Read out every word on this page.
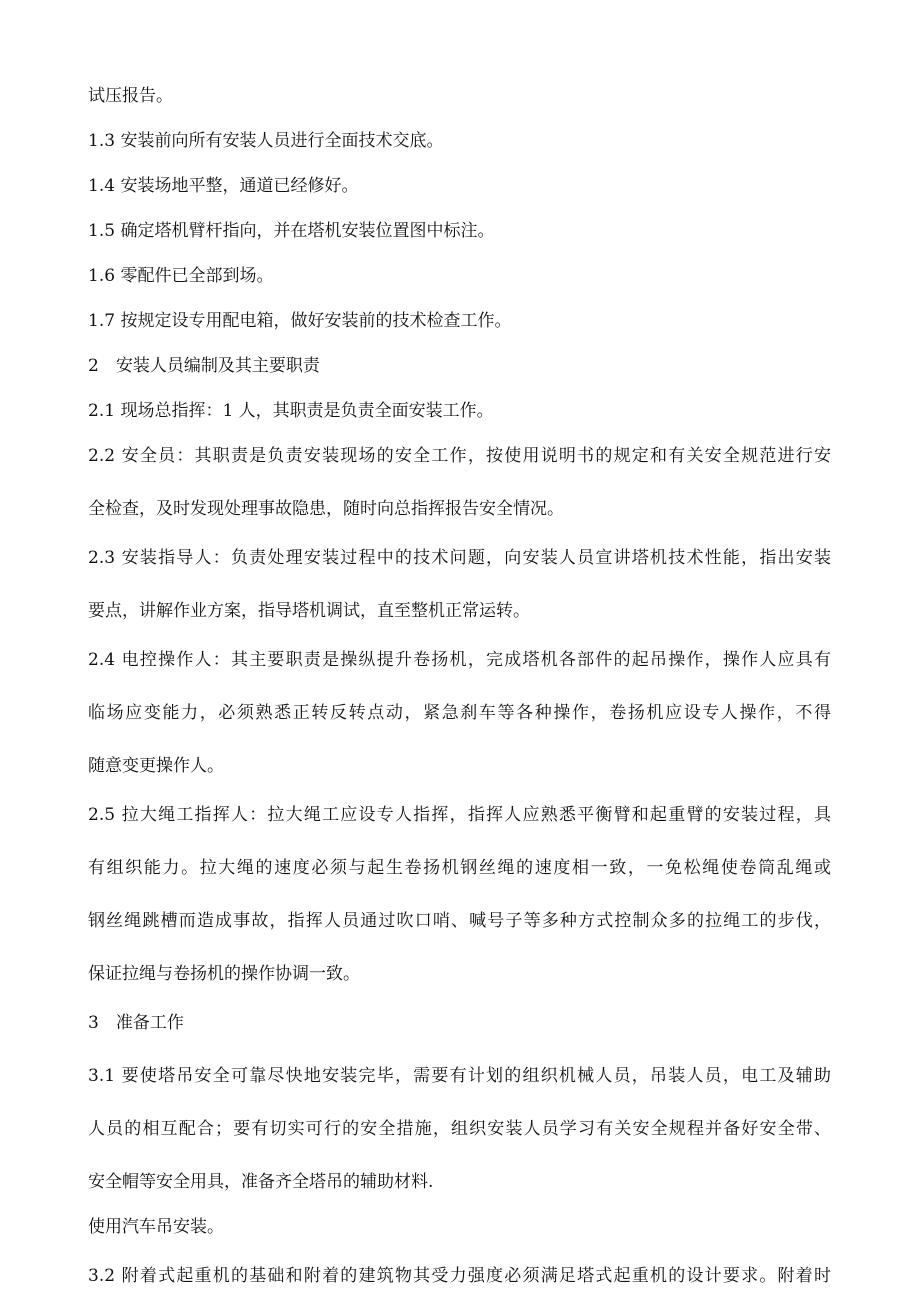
试压报告。
1.3 安装前向所有安装人员进行全面技术交底。
1.4 安装场地平整，通道已经修好。
1.5 确定塔机臂杆指向，并在塔机安装位置图中标注。
1.6 零配件已全部到场。
1.7 按规定设专用配电箱，做好安装前的技术检查工作。
2　安装人员编制及其主要职责
2.1 现场总指挥：1 人，其职责是负责全面安装工作。
2.2 安全员：其职责是负责安装现场的安全工作，按使用说明书的规定和有关安全规范进行安
全检查，及时发现处理事故隐患，随时向总指挥报告安全情况。
2.3 安装指导人：负责处理安装过程中的技术问题，向安装人员宣讲塔机技术性能，指出安装
要点，讲解作业方案，指导塔机调试，直至整机正常运转。
2.4 电控操作人：其主要职责是操纵提升卷扬机，完成塔机各部件的起吊操作，操作人应具有
临场应变能力，必须熟悉正转反转点动，紧急刹车等各种操作，卷扬机应设专人操作，不得
随意变更操作人。
2.5 拉大绳工指挥人：拉大绳工应设专人指挥，指挥人应熟悉平衡臂和起重臂的安装过程，具
有组织能力。拉大绳的速度必须与起生卷扬机钢丝绳的速度相一致，一免松绳使卷筒乱绳或
钢丝绳跳槽而造成事故，指挥人员通过吹口哨、喊号子等多种方式控制众多的拉绳工的步伐，
保证拉绳与卷扬机的操作协调一致。
3　准备工作
3.1 要使塔吊安全可靠尽快地安装完毕，需要有计划的组织机械人员，吊装人员，电工及辅助
人员的相互配合；要有切实可行的安全措施，组织安装人员学习有关安全规程并备好安全带、
安全帽等安全用具，准备齐全塔吊的辅助材料.
使用汽车吊安装。
3.2 附着式起重机的基础和附着的建筑物其受力强度必须满足塔式起重机的设计要求。附着时
